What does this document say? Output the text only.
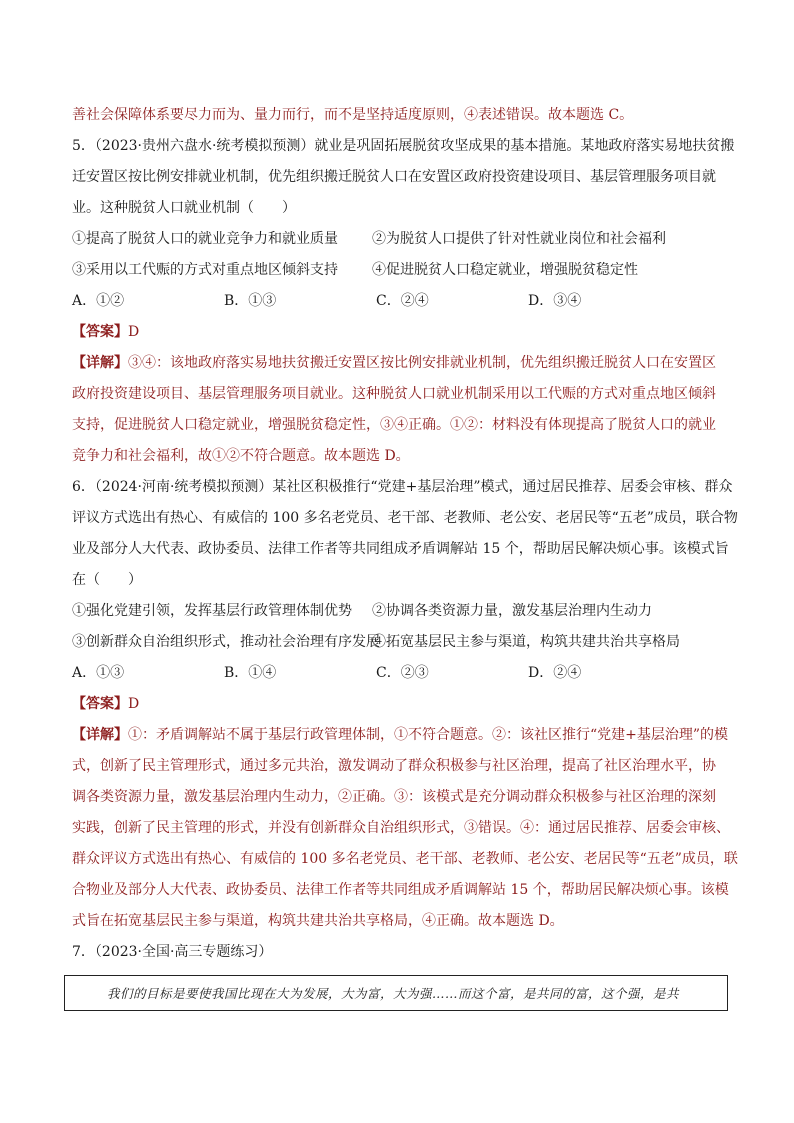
善社会保障体系要尽力而为、量力而行，而不是坚持适度原则，④表述错误。故本题选 C。
5．（2023·贵州六盘水·统考模拟预测）就业是巩固拓展脱贫攻坚成果的基本措施。某地政府落实易地扶贫搬
迁安置区按比例安排就业机制，优先组织搬迁脱贫人口在安置区政府投资建设项目、基层管理服务项目就
业。这种脱贫人口就业机制（　　）
①提高了脱贫人口的就业竞争力和就业质量 ②为脱贫人口提供了针对性就业岗位和社会福利
③采用以工代赈的方式对重点地区倾斜支持 ④促进脱贫人口稳定就业，增强脱贫稳定性
A．①②	B．①③	C．②④	D．③④
【答案】D
【详解】③④：该地政府落实易地扶贫搬迁安置区按比例安排就业机制，优先组织搬迁脱贫人口在安置区
政府投资建设项目、基层管理服务项目就业。这种脱贫人口就业机制采用以工代赈的方式对重点地区倾斜
支持，促进脱贫人口稳定就业，增强脱贫稳定性，③④正确。①②：材料没有体现提高了脱贫人口的就业
竞争力和社会福利，故①②不符合题意。故本题选 D。
6．（2024·河南·统考模拟预测）某社区积极推行“党建+基层治理”模式，通过居民推荐、居委会审核、群众
评议方式选出有热心、有威信的 100 多名老党员、老干部、老教师、老公安、老居民等“五老”成员，联合物
业及部分人大代表、政协委员、法律工作者等共同组成矛盾调解站 15 个，帮助居民解决烦心事。该模式旨
在（　　）
①强化党建引领，发挥基层行政管理体制优势 ②协调各类资源力量，激发基层治理内生动力
③创新群众自治组织形式，推动社会治理有序发展④拓宽基层民主参与渠道，构筑共建共治共享格局
A．①③	B．①④	C．②③	D．②④
【答案】D
【详解】①：矛盾调解站不属于基层行政管理体制，①不符合题意。②：该社区推行“党建+基层治理”的模
式，创新了民主管理形式，通过多元共治，激发调动了群众积极参与社区治理，提高了社区治理水平，协
调各类资源力量，激发基层治理内生动力，②正确。③：该模式是充分调动群众积极参与社区治理的深刻
实践，创新了民主管理的形式，并没有创新群众自治组织形式，③错误。④：通过居民推荐、居委会审核、
群众评议方式选出有热心、有威信的 100 多名老党员、老干部、老教师、老公安、老居民等“五老”成员，联
合物业及部分人大代表、政协委员、法律工作者等共同组成矛盾调解站 15 个，帮助居民解决烦心事。该模
式旨在拓宽基层民主参与渠道，构筑共建共治共享格局，④正确。故本题选 D。
7．（2023·全国·高三专题练习）
我们的目标是要使我国比现在大为发展，大为富，大为强……而这个富，是共同的富，这个强，是共
